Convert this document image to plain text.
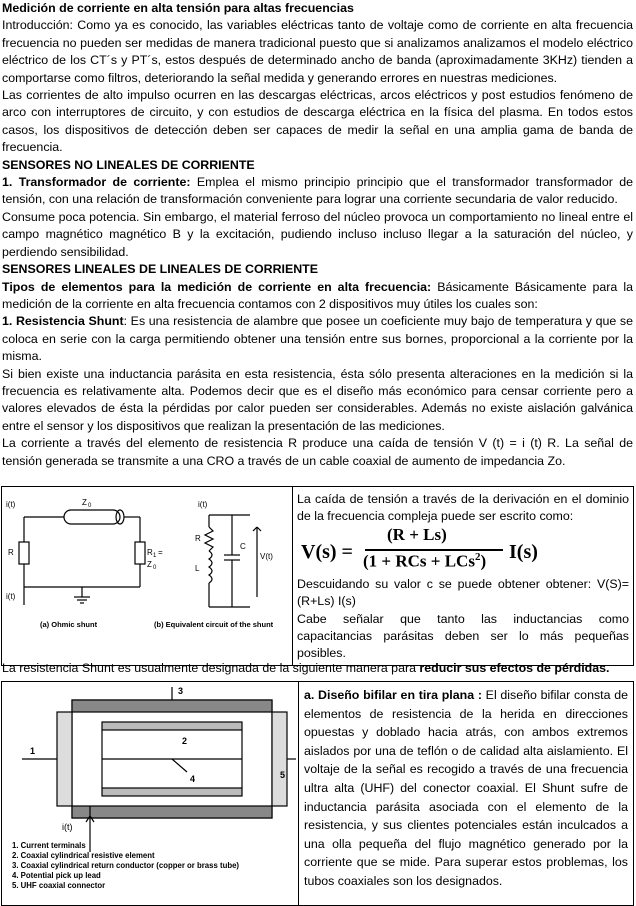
Medición de corriente en alta tensión para altas frecuencias

Introducción: Como ya es conocido, las variables eléctricas tanto de voltaje como de corriente en alta frecuencia frecuencia no pueden ser medidas de manera tradicional puesto que si analizamos analizamos el modelo eléctrico eléctrico de los CT´s y PT´s, estos después de determinado ancho de banda (aproximadamente 3KHz) tienden a comportarse como filtros, deteriorando la señal medida y generando errores en nuestras mediciones.

Las corrientes de alto impulso ocurren en las descargas eléctricas, arcos eléctricos y post estudios fenómeno de arco con interruptores de circuito, y con estudios de descarga eléctrica en la física del plasma. En todos estos casos, los dispositivos de detección deben ser capaces de medir la señal en una amplia gama de banda de frecuencia.

SENSORES NO LINEALES DE CORRIENTE

1. Transformador de corriente: Emplea el mismo principio principio que el transformador transformador de tensión, con una relación de transformación conveniente para lograr una corriente secundaria de valor reducido.

Consume poca potencia. Sin embargo, el material ferroso del núcleo provoca un comportamiento no lineal entre el campo magnético magnético B y la excitación, pudiendo incluso incluso llegar a la saturación del núcleo, y perdiendo sensibilidad.

SENSORES LINEALES DE LINEALES DE CORRIENTE

Tipos de elementos para la medición de corriente en alta frecuencia: Básicamente Básicamente para la medición de la corriente en alta frecuencia contamos con 2 dispositivos muy útiles los cuales son:

1. Resistencia Shunt: Es una resistencia de alambre que posee un coeficiente muy bajo de temperatura y que se coloca en serie con la carga permitiendo obtener una tensión entre sus bornes, proporcional a la corriente por la misma.

Si bien existe una inductancia parásita en esta resistencia, ésta sólo presenta alteraciones en la medición si la frecuencia es relativamente alta. Podemos decir que es el diseño más económico para censar corriente pero a valores elevados de ésta la pérdidas por calor pueden ser considerables. Además no existe aislación galvánica entre el sensor y los dispositivos que realizan la presentación de las mediciones.

La corriente a través del elemento de resistencia R produce una caída de tensión V (t) = i (t) R. La señal de tensión generada se transmite a una CRO a través de un cable coaxial de aumento de impedancia Zo.

i(t)	Z 0
R
i(t)
R 1 =
Z 0
i(t)
R
L
C
V(t)
(a) Ohmic shunt	(b) Equivalent circuit of the shunt

La caída de tensión a través de la derivación en el dominio de la frecuencia compleja puede ser escrito como:
V(s) =
(R + Ls)
(1 + RCs + LCs$^2$) I(s)
Descuidando su valor c se puede obtener obtener: V(S)=(R+Ls) I(s)
Cabe señalar que tanto las inductancias como capacitancias parásitas deben ser lo más pequeñas posibles.

La resistencia Shunt es usualmente designada de la siguiente manera para reducir sus efectos de pérdidas.

1
2
3
4	5
i(t)
1. Current terminals
2. Coaxial cylindrical resistive element
3. Coaxial cylindrical return conductor (copper or brass tube)
4. Potential pick up lead
5. UHF coaxial connector

a. Diseño bifilar en tira plana : El diseño bifilar consta de elementos de resistencia de la herida en direcciones opuestas y doblado hacia atrás, con ambos extremos aislados por una de teflón o de calidad alta aislamiento. El voltaje de la señal es recogido a través de una frecuencia ultra alta (UHF) del conector coaxial. El Shunt sufre de inductancia parásita asociada con el elemento de la resistencia, y sus clientes potenciales están inculcados a una olla pequeña del flujo magnético generado por la corriente que se mide. Para superar estos problemas, los tubos coaxiales son los designados.
